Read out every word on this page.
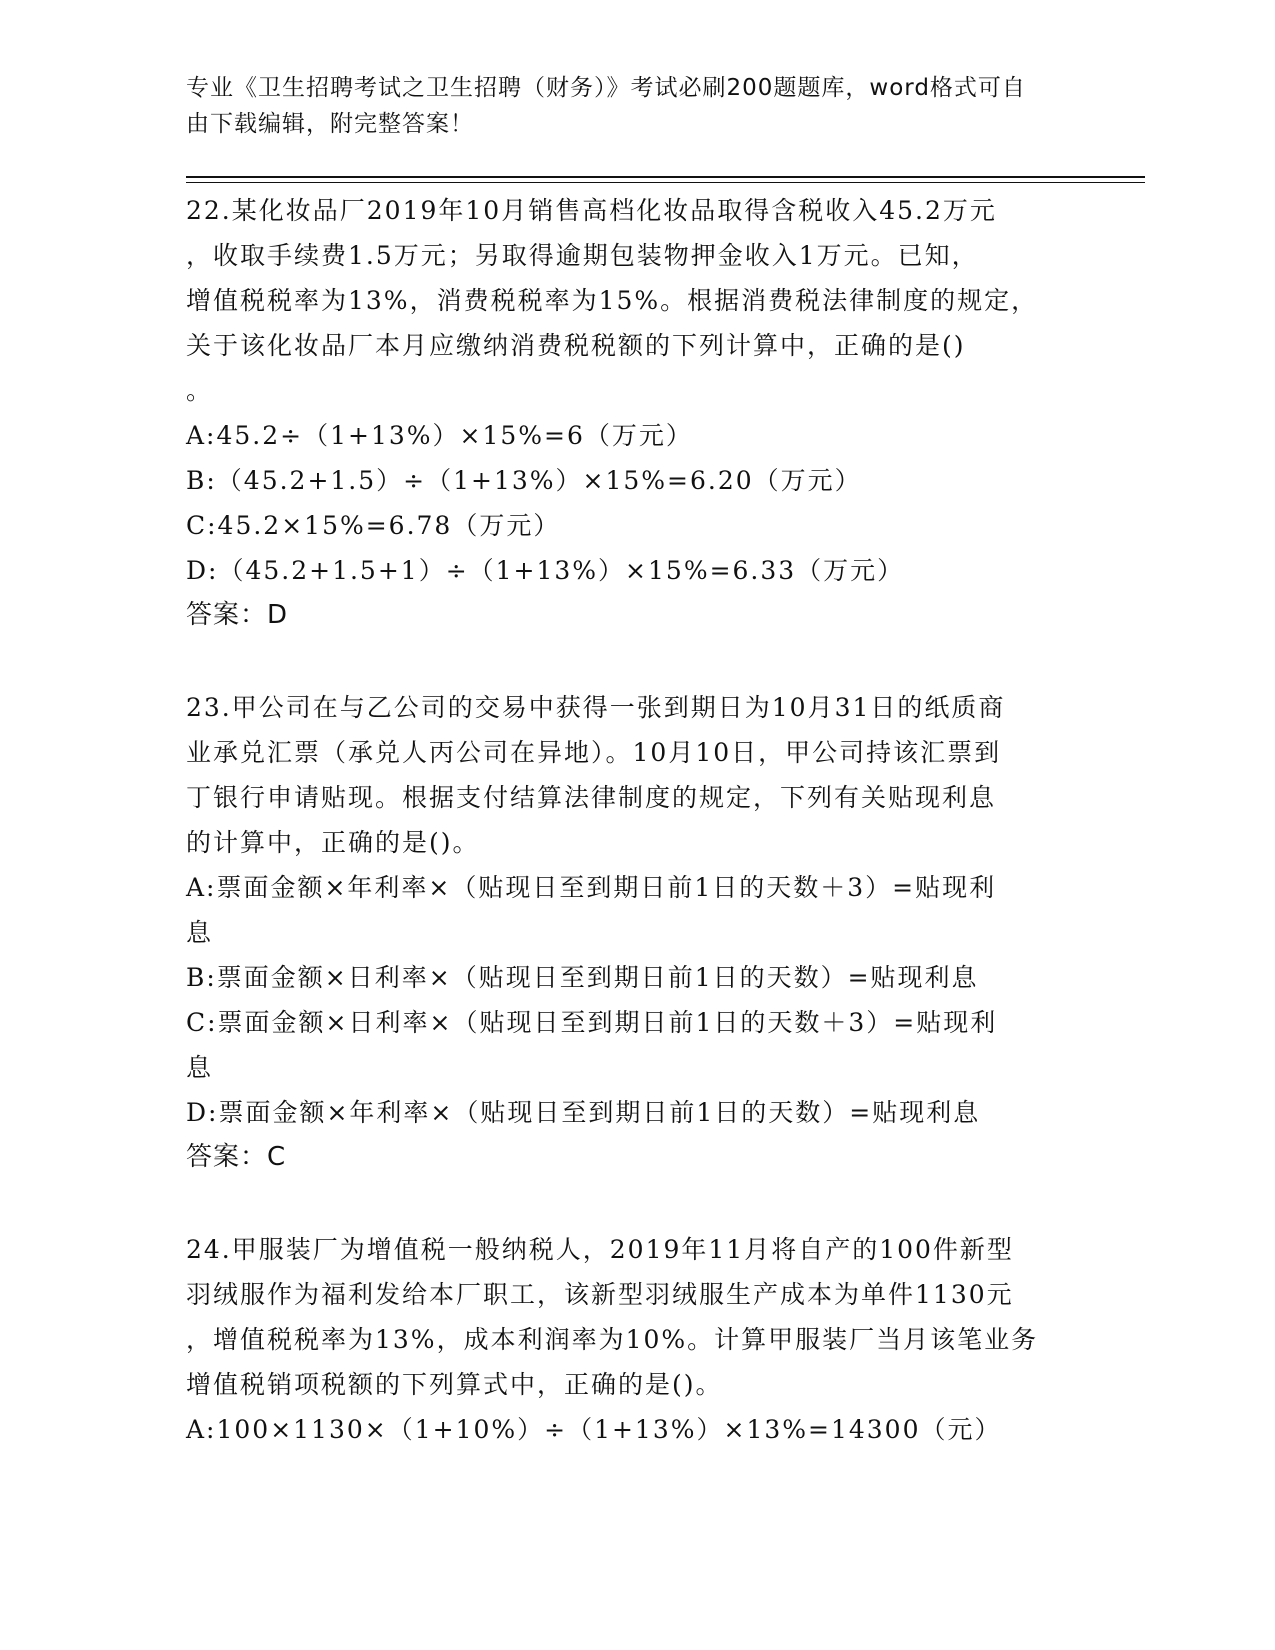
专业《卫生招聘考试之卫生招聘（财务）》考试必刷200题题库，word格式可自
由下载编辑，附完整答案！

22.某化妆品厂2019年10月销售高档化妆品取得含税收入45.2万元
，收取手续费1.5万元；另取得逾期包装物押金收入1万元。已知，
增值税税率为13%，消费税税率为15%。根据消费税法律制度的规定，
关于该化妆品厂本月应缴纳消费税税额的下列计算中，正确的是()
。

A:45.2÷（1+13%）×15%=6（万元）

B:（45.2+1.5）÷（1+13%）×15%=6.20（万元）

C:45.2×15%=6.78（万元）

D:（45.2+1.5+1）÷（1+13%）×15%=6.33（万元）

答案：D

23.甲公司在与乙公司的交易中获得一张到期日为10月31日的纸质商
业承兑汇票（承兑人丙公司在异地）。10月10日，甲公司持该汇票到
丁银行申请贴现。根据支付结算法律制度的规定，下列有关贴现利息
的计算中，正确的是()。

A:票面金额×年利率×（贴现日至到期日前1日的天数＋3）=贴现利
息

B:票面金额×日利率×（贴现日至到期日前1日的天数）=贴现利息

C:票面金额×日利率×（贴现日至到期日前1日的天数＋3）=贴现利
息

D:票面金额×年利率×（贴现日至到期日前1日的天数）=贴现利息

答案：C

24.甲服装厂为增值税一般纳税人，2019年11月将自产的100件新型
羽绒服作为福利发给本厂职工，该新型羽绒服生产成本为单件1130元
，增值税税率为13%，成本利润率为10%。计算甲服装厂当月该笔业务
增值税销项税额的下列算式中，正确的是()。

A:100×1130×（1+10%）÷（1+13%）×13%=14300（元）
